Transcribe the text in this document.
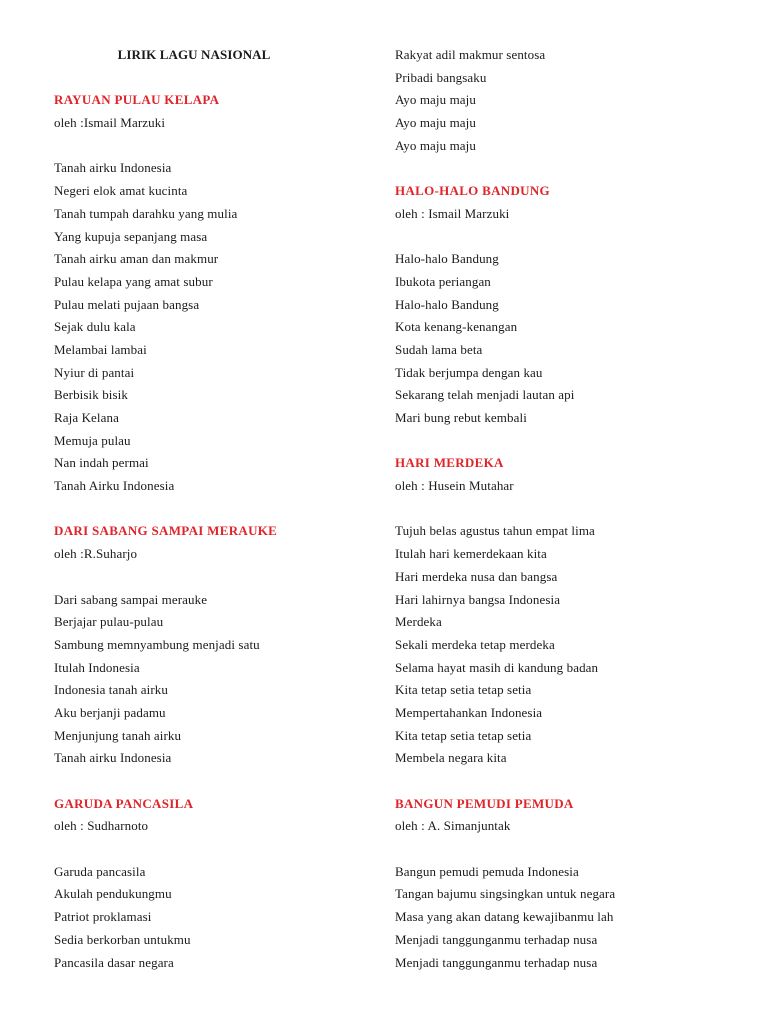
LIRIK LAGU NASIONAL
RAYUAN PULAU KELAPA
oleh :Ismail Marzuki
Tanah airku Indonesia
Negeri elok amat kucinta
Tanah tumpah darahku yang mulia
Yang kupuja sepanjang masa
Tanah airku aman dan makmur
Pulau kelapa yang amat subur
Pulau melati pujaan bangsa
Sejak dulu kala
Melambai lambai
Nyiur di pantai
Berbisik bisik
Raja Kelana
Memuja pulau
Nan indah permai
Tanah Airku Indonesia
DARI SABANG SAMPAI MERAUKE
oleh :R.Suharjo
Dari sabang sampai merauke
Berjajar pulau-pulau
Sambung memnyambung menjadi satu
Itulah Indonesia
Indonesia tanah airku
Aku berjanji padamu
Menjunjung tanah airku
Tanah airku Indonesia
GARUDA PANCASILA
oleh : Sudharnoto
Garuda pancasila
Akulah pendukungmu
Patriot proklamasi
Sedia berkorban untukmu
Pancasila dasar negara
Rakyat adil makmur sentosa
Pribadi bangsaku
Ayo maju maju
Ayo maju maju
Ayo maju maju
HALO-HALO BANDUNG
oleh : Ismail Marzuki
Halo-halo Bandung
Ibukota periangan
Halo-halo Bandung
Kota kenang-kenangan
Sudah lama beta
Tidak berjumpa dengan kau
Sekarang telah menjadi lautan api
Mari bung rebut kembali
HARI MERDEKA
oleh : Husein Mutahar
Tujuh belas agustus tahun empat lima
Itulah hari kemerdekaan kita
Hari merdeka nusa dan bangsa
Hari lahirnya bangsa Indonesia
Merdeka
Sekali merdeka tetap merdeka
Selama hayat masih di kandung badan
Kita tetap setia tetap setia
Mempertahankan Indonesia
Kita tetap setia tetap setia
Membela negara kita
BANGUN PEMUDI PEMUDA
oleh : A. Simanjuntak
Bangun pemudi pemuda Indonesia
Tangan bajumu singsingkan untuk negara
Masa yang akan datang kewajibanmu lah
Menjadi tanggunganmu terhadap nusa
Menjadi tanggunganmu terhadap nusa
